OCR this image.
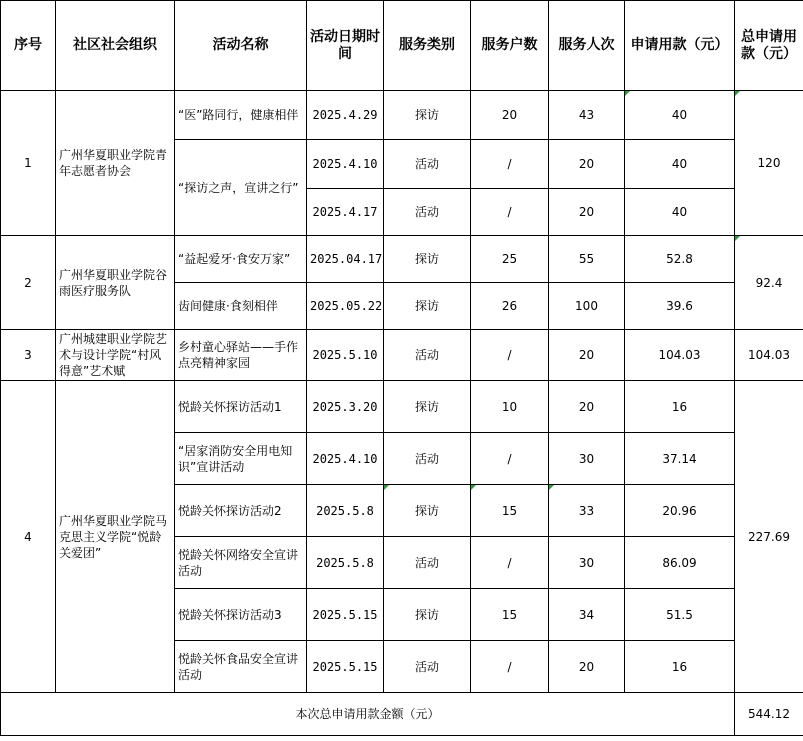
序号	社区社会组织	活动名称	活动日期时间	服务类别	服务户数	服务人次	申请用款（元）	总申请用款（元）
1	广州华夏职业学院青年志愿者协会	“医”路同行，健康相伴	2025.4.29	探访	20	43	40	120
		“探访之声，宣讲之行”	2025.4.10	活动	/	20	40	
			2025.4.17	活动	/	20	40	
2	广州华夏职业学院谷雨医疗服务队	“益起爱牙·食安万家”	2025.04.17	探访	25	55	52.8	92.4
		齿间健康·食刻相伴	2025.05.22	探访	26	100	39.6	
3	广州城建职业学院艺术与设计学院“村风得意”艺术赋	乡村童心驿站——手作点亮精神家园	2025.5.10	活动	/	20	104.03	104.03
4	广州华夏职业学院马克思主义学院“悦龄关爱团”	悦龄关怀探访活动1	2025.3.20	探访	10	20	16	227.69
		“居家消防安全用电知识”宣讲活动	2025.4.10	活动	/	30	37.14	
		悦龄关怀探访活动2	2025.5.8	探访	15	33	20.96	
		悦龄关怀网络安全宣讲活动	2025.5.8	活动	/	30	86.09	
		悦龄关怀探访活动3	2025.5.15	探访	15	34	51.5	
		悦龄关怀食品安全宣讲活动	2025.5.15	活动	/	20	16	
本次总申请用款金额（元）								544.12
